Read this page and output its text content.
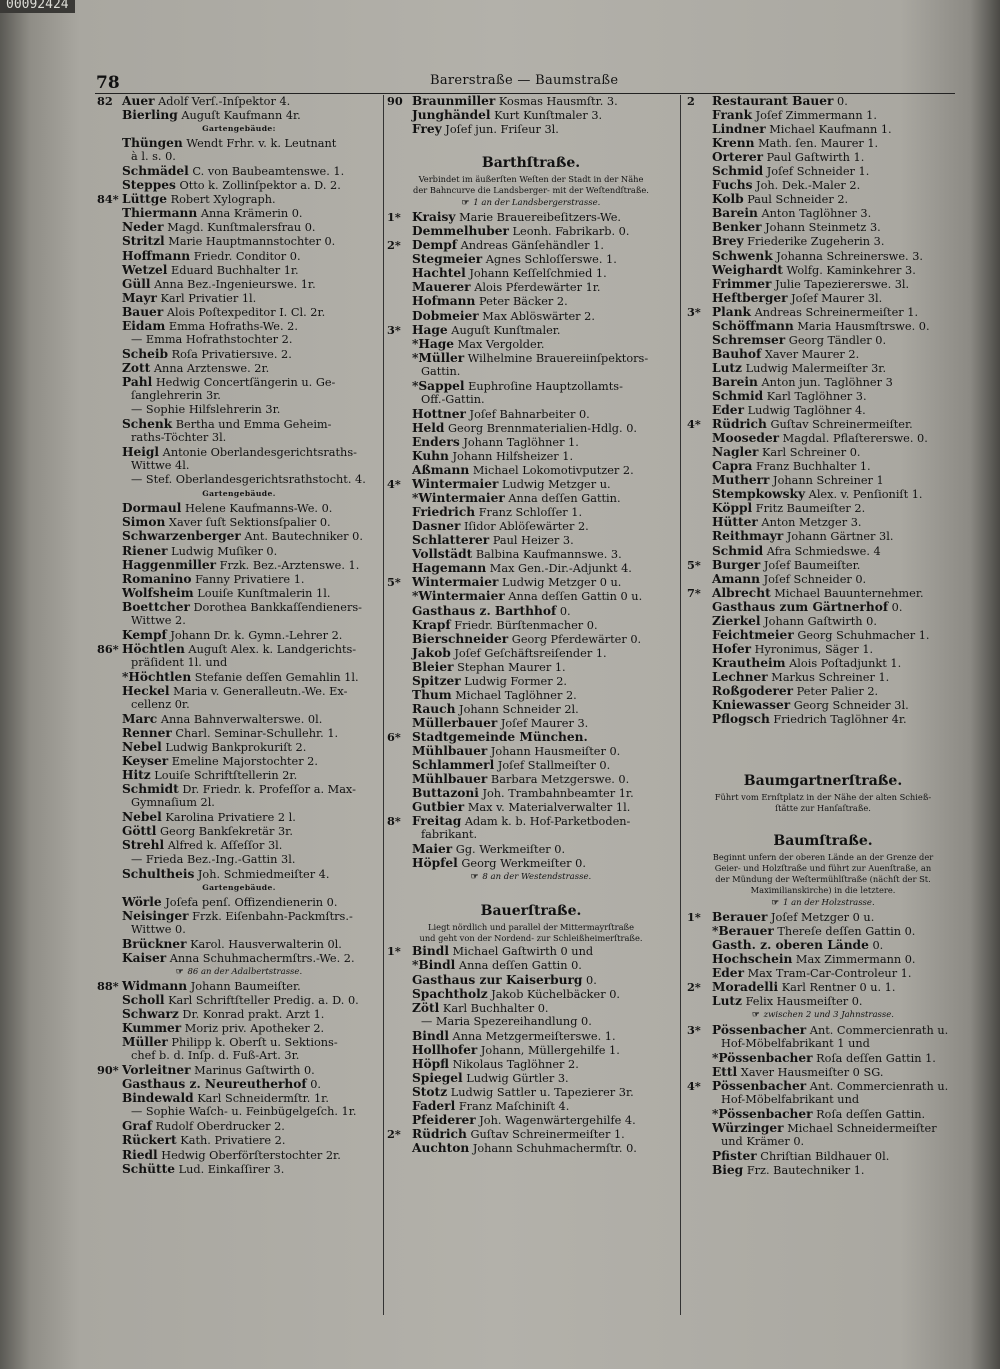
00092424
78	Barerstraße — Baumstraße
82 Auer Adolf Verſ.-Inſpektor 4.
Bierling Auguſt Kaufmann 4r.
Gartengebäude:
Thüngen Wendt Frhr. v. k. Leutnant
à l. s. 0.
Schmädel C. von Baubeamtenswe. 1.
Steppes Otto k. Zollinſpektor a. D. 2.
84* Lüttge Robert Xylograph.
Thiermann Anna Krämerin 0.
Neder Magd. Kunſtmalersfrau 0.
Stritzl Marie Hauptmannstochter 0.
Hoffmann Friedr. Conditor 0.
Wetzel Eduard Buchhalter 1r.
Güll Anna Bez.-Ingenieurswe. 1r.
Mayr Karl Privatier 1l.
Bauer Alois Poſtexpeditor I. Cl. 2r.
Eidam Emma Hofraths-We. 2.
— Emma Hofrathstochter 2.
Scheib Roſa Privatiersıve. 2.
Zott Anna Arztenswe. 2r.
Pahl Hedwig Concertſängerin u. Ge-
ſanglehrerin 3r.
— Sophie Hilfslehrerin 3r.
Schenk Bertha und Emma Geheim-
raths-Töchter 3l.
Heigl Antonie Oberlandesgerichtsraths-
Wittwe 4l.
— Stef. Oberlandesgerichtsrathstocht. 4.
Gartengebäude.
Dormaul Helene Kaufmanns-We. 0.
Simon Xaver ſuſt Sektionsſpalier 0.
Schwarzenberger Ant. Bautechniker 0.
Riener Ludwig Muſiker 0.
Haggenmiller Frzk. Bez.-Arztenswe. 1.
Romanino Fanny Privatiere 1.
Wolfsheim Louiſe Kunſtmalerin 1l.
Boettcher Dorothea Bankkaſſendieners-
Wittwe 2.
Kempf Johann Dr. k. Gymn.-Lehrer 2.
86* Höchtlen Auguſt Alex. k. Landgerichts-
präſident 1l. und
*Höchtlen Stefanie deſſen Gemahlin 1l.
Heckel Maria v. Generalleutn.-We. Ex-
cellenz 0r.
Marc Anna Bahnverwalterswe. 0l.
Renner Charl. Seminar-Schullehr. 1.
Nebel Ludwig Bankprokuriſt 2.
Keyser Emeline Majorstochter 2.
Hitz Louiſe Schriftſtellerin 2r.
Schmidt Dr. Friedr. k. Profeſſor a. Max-
Gymnaſium 2l.
Nebel Karolina Privatiere 2 l.
Göttl Georg Bankſekretär 3r.
Strehl Alfred k. Aſſeſſor 3l.
— Frieda Bez.-Ing.-Gattin 3l.
Schultheis Joh. Schmiedmeiſter 4.
Gartengebäude.
Wörle Joſefa penſ. Offizendienerin 0.
Neisinger Frzk. Eiſenbahn-Packmſtrs.-
Wittwe 0.
Brückner Karol. Hausverwalterin 0l.
Kaiser Anna Schuhmachermſtrs.-We. 2.
☞ 86 an der Adalbertstrasse.
88* Widmann Johann Baumeiſter.
Scholl Karl Schriftſteller Predig. a. D. 0.
Schwarz Dr. Konrad prakt. Arzt 1.
Kummer Moriz priv. Apotheker 2.
Müller Philipp k. Oberſt u. Sektions-
chef b. d. Inſp. d. Fuß-Art. 3r.
90* Vorleitner Marinus Gaſtwirth 0.
Gasthaus z. Neureutherhof 0.
Bindewald Karl Schneidermſtr. 1r.
— Sophie Waſch- u. Feinbügelgeſch. 1r.
Graf Rudolf Oberdrucker 2.
Rückert Kath. Privatiere 2.
Riedl Hedwig Oberförſterstochter 2r.
Schütte Lud. Einkaſſirer 3.
90 Braunmiller Kosmas Hausmſtr. 3.
Junghändel Kurt Kunſtmaler 3.
Frey Joſef jun. Friſeur 3l.
Barthſtraße.
Verbindet im äußerſten Weſten der Stadt in der Nähe
der Bahncurve die Landsberger- mit der Weſtendſtraße.
☞ 1 an der Landsbergerstrasse.
1* Kraisy Marie Brauereibeſitzers-We.
Demmelhuber Leonh. Fabrikarb. 0.
2* Dempf Andreas Gänſehändler 1.
Stegmeier Agnes Schloſſerswe. 1.
Hachtel Johann Keſſelſchmied 1.
Mauerer Alois Pferdewärter 1r.
Hofmann Peter Bäcker 2.
Dobmeier Max Ablöswärter 2.
3* Hage Auguſt Kunſtmaler.
*Hage Max Vergolder.
*Müller Wilhelmine Brauereiinſpektors-
Gattin.
*Sappel Euphroſine Hauptzollamts-
Off.-Gattin.
Hottner Joſef Bahnarbeiter 0.
Held Georg Brennmaterialien-Hdlg. 0.
Enders Johann Taglöhner 1.
Kuhn Johann Hilfsheizer 1.
Aßmann Michael Lokomotivputzer 2.
4* Wintermaier Ludwig Metzger u.
*Wintermaier Anna deſſen Gattin.
Friedrich Franz Schloſſer 1.
Dasner Iſidor Ablöſewärter 2.
Schlatterer Paul Heizer 3.
Vollstädt Balbina Kaufmannswe. 3.
Hagemann Max Gen.-Dir.-Adjunkt 4.
5* Wintermaier Ludwig Metzger 0 u.
*Wintermaier Anna deſſen Gattin 0 u.
Gasthaus z. Barthhof 0.
Krapf Friedr. Bürſtenmacher 0.
Bierschneider Georg Pferdewärter 0.
Jakob Joſef Geſchäftsreiſender 1.
Bleier Stephan Maurer 1.
Spitzer Ludwig Former 2.
Thum Michael Taglöhner 2.
Rauch Johann Schneider 2l.
Müllerbauer Joſef Maurer 3.
6* Stadtgemeinde München.
Mühlbauer Johann Hausmeiſter 0.
Schlammerl Joſef Stallmeiſter 0.
Mühlbauer Barbara Metzgerswe. 0.
Buttazoni Joh. Trambahnbeamter 1r.
Gutbier Max v. Materialverwalter 1l.
8* Freitag Adam k. b. Hof-Parketboden-
fabrikant.
Maier Gg. Werkmeiſter 0.
Höpfel Georg Werkmeiſter 0.
☞ 8 an der Westendstrasse.
Bauerſtraße.
Liegt nördlich und parallel der Mittermayrſtraße
und geht von der Nordend- zur Schleißheimerſtraße.
1* Bindl Michael Gaſtwirth 0 und
*Bindl Anna deſſen Gattin 0.
Gasthaus zur Kaiserburg 0.
Spachtholz Jakob Küchelbäcker 0.
Zötl Karl Buchhalter 0.
— Maria Spezereihandlung 0.
Bindl Anna Metzgermeiſterswe. 1.
Hollhofer Johann, Müllergehilfe 1.
Höpfl Nikolaus Taglöhner 2.
Spiegel Ludwig Gürtler 3.
Stotz Ludwig Sattler u. Tapezierer 3r.
Faderl Franz Maſchiniſt 4.
Pfeiderer Joh. Wagenwärtergehilfe 4.
2* Rüdrich Guſtav Schreinermeiſter 1.
Auchton Johann Schuhmachermſtr. 0.
2 Restaurant Bauer 0.
Frank Joſef Zimmermann 1.
Lindner Michael Kaufmann 1.
Krenn Math. ſen. Maurer 1.
Orterer Paul Gaſtwirth 1.
Schmid Joſef Schneider 1.
Fuchs Joh. Dek.-Maler 2.
Kolb Paul Schneider 2.
Barein Anton Taglöhner 3.
Benker Johann Steinmetz 3.
Brey Friederike Zugeherin 3.
Schwenk Johanna Schreinerswe. 3.
Weighardt Wolfg. Kaminkehrer 3.
Frimmer Julie Tapeziererswe. 3l.
Heftberger Joſef Maurer 3l.
3* Plank Andreas Schreinermeiſter 1.
Schöffmann Maria Hausmſtrswe. 0.
Schremser Georg Tändler 0.
Bauhof Xaver Maurer 2.
Lutz Ludwig Malermeiſter 3r.
Barein Anton jun. Taglöhner 3
Schmid Karl Taglöhner 3.
Eder Ludwig Taglöhner 4.
4* Rüdrich Guſtav Schreinermeiſter.
Mooseder Magdal. Pflaſtererswe. 0.
Nagler Karl Schreiner 0.
Capra Franz Buchhalter 1.
Mutherr Johann Schreiner 1
Stempkowsky Alex. v. Penſioniſt 1.
Köppl Fritz Baumeiſter 2.
Hütter Anton Metzger 3.
Reithmayr Johann Gärtner 3l.
Schmid Afra Schmiedswe. 4
5* Burger Joſef Baumeiſter.
Amann Joſef Schneider 0.
7* Albrecht Michael Bauunternehmer.
Gasthaus zum Gärtnerhof 0.
Zierkel Johann Gaſtwirth 0.
Feichtmeier Georg Schuhmacher 1.
Hofer Hyronimus, Säger 1.
Krautheim Alois Poſtadjunkt 1.
Lechner Markus Schreiner 1.
Roßgoderer Peter Palier 2.
Kniewasser Georg Schneider 3l.
Pflogsch Friedrich Taglöhner 4r.
Baumgartnerſtraße.
Führt vom Ernſtplatz in der Nähe der alten Schieß-
ſtätte zur Hanſaſtraße.
Baumſtraße.
Beginnt unfern der oberen Lände an der Grenze der
Geier- und Holzſtraße und führt zur Auenſtraße, an
der Mündung der Weſtermühlſtraße (nächſt der St.
Maximilianskirche) in die letztere.
☞ 1 an der Holzstrasse.
1* Berauer Joſef Metzger 0 u.
*Berauer Thereſe deſſen Gattin 0.
Gasth. z. oberen Lände 0.
Hochschein Max Zimmermann 0.
Eder Max Tram-Car-Controleur 1.
2* Moradelli Karl Rentner 0 u. 1.
Lutz Felix Hausmeiſter 0.
☞ zwischen 2 und 3 Jahnstrasse.
3* Pössenbacher Ant. Commercienrath u.
Hof-Möbelfabrikant 1 und
*Pössenbacher Roſa deſſen Gattin 1.
Ettl Xaver Hausmeiſter 0 SG.
4* Pössenbacher Ant. Commercienrath u.
Hof-Möbelfabrikant und
*Pössenbacher Roſa deſſen Gattin.
Würzinger Michael Schneidermeiſter
und Krämer 0.
Pfister Chriſtian Bildhauer 0l.
Bieg Frz. Bautechniker 1.
